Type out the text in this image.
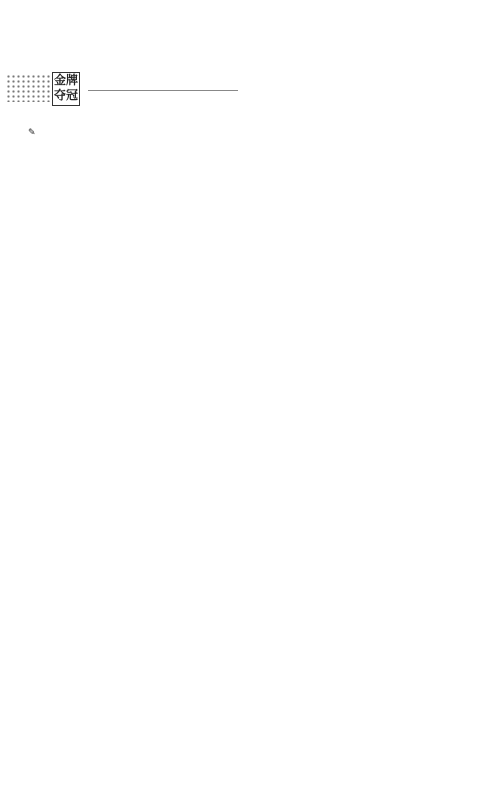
金牌
夺冠
✎
